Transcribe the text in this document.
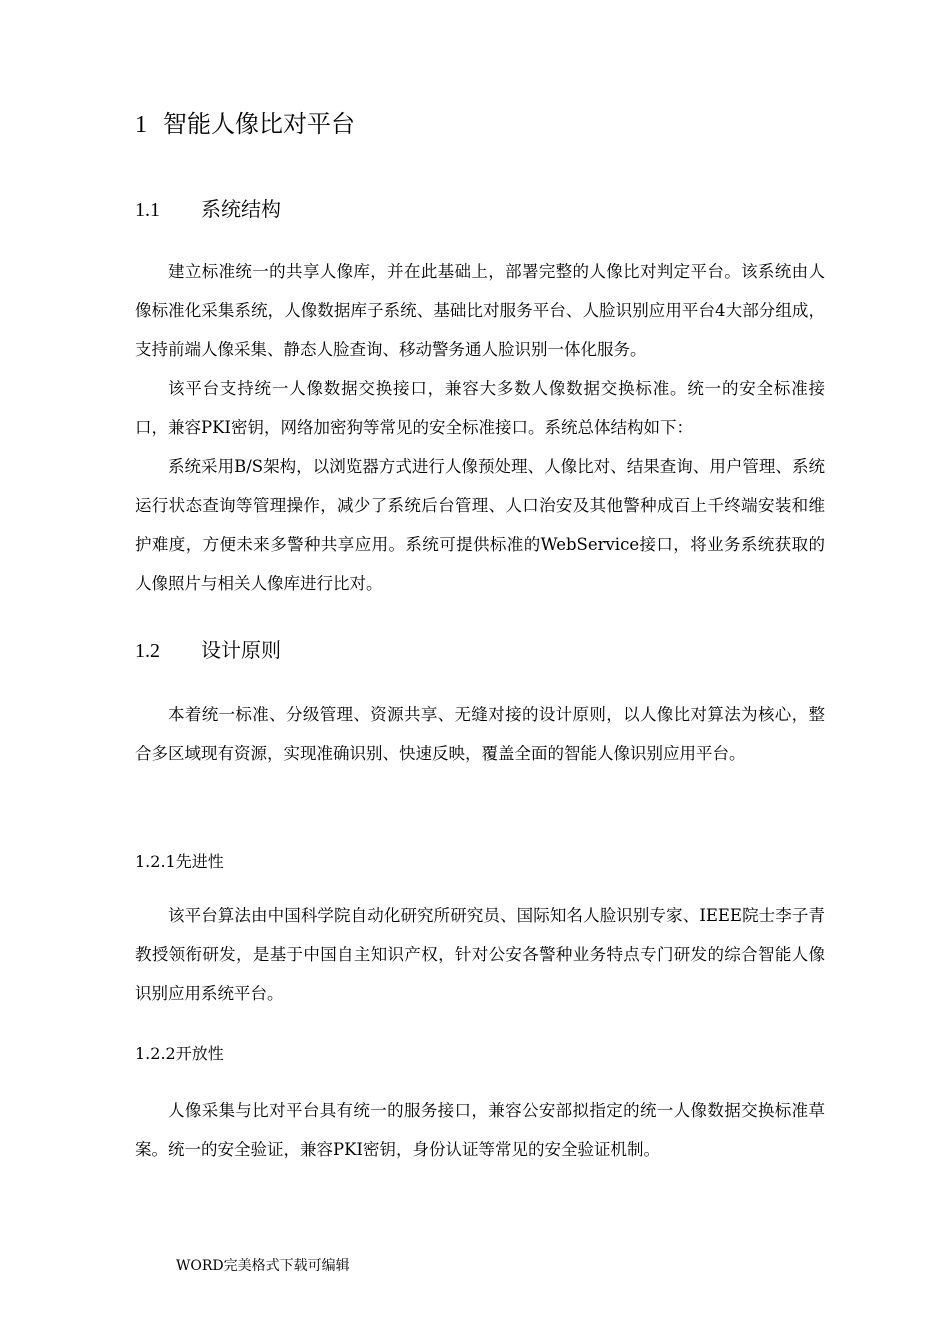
1 智能人像比对平台
1.1 系统结构

建立标准统一的共享人像库，并在此基础上，部署完整的人像比对判定平台。该系统由人像标准化采集系统，人像数据库子系统、基础比对服务平台、人脸识别应用平台4大部分组成，支持前端人像采集、静态人脸查询、移动警务通人脸识别一体化服务。

该平台支持统一人像数据交换接口，兼容大多数人像数据交换标准。统一的安全标准接口，兼容PKI密钥，网络加密狗等常见的安全标准接口。系统总体结构如下：

系统采用B/S架构，以浏览器方式进行人像预处理、人像比对、结果查询、用户管理、系统运行状态查询等管理操作，减少了系统后台管理、人口治安及其他警种成百上千终端安装和维护难度，方便未来多警种共享应用。系统可提供标准的WebService接口，将业务系统获取的人像照片与相关人像库进行比对。

1.2 设计原则

本着统一标准、分级管理、资源共享、无缝对接的设计原则，以人像比对算法为核心，整合多区域现有资源，实现准确识别、快速反映，覆盖全面的智能人像识别应用平台。

1.2.1先进性

该平台算法由中国科学院自动化研究所研究员、国际知名人脸识别专家、IEEE院士李子青教授领衔研发，是基于中国自主知识产权，针对公安各警种业务特点专门研发的综合智能人像识别应用系统平台。

1.2.2开放性

人像采集与比对平台具有统一的服务接口，兼容公安部拟指定的统一人像数据交换标准草案。统一的安全验证，兼容PKI密钥，身份认证等常见的安全验证机制。

WORD完美格式下载可编辑
